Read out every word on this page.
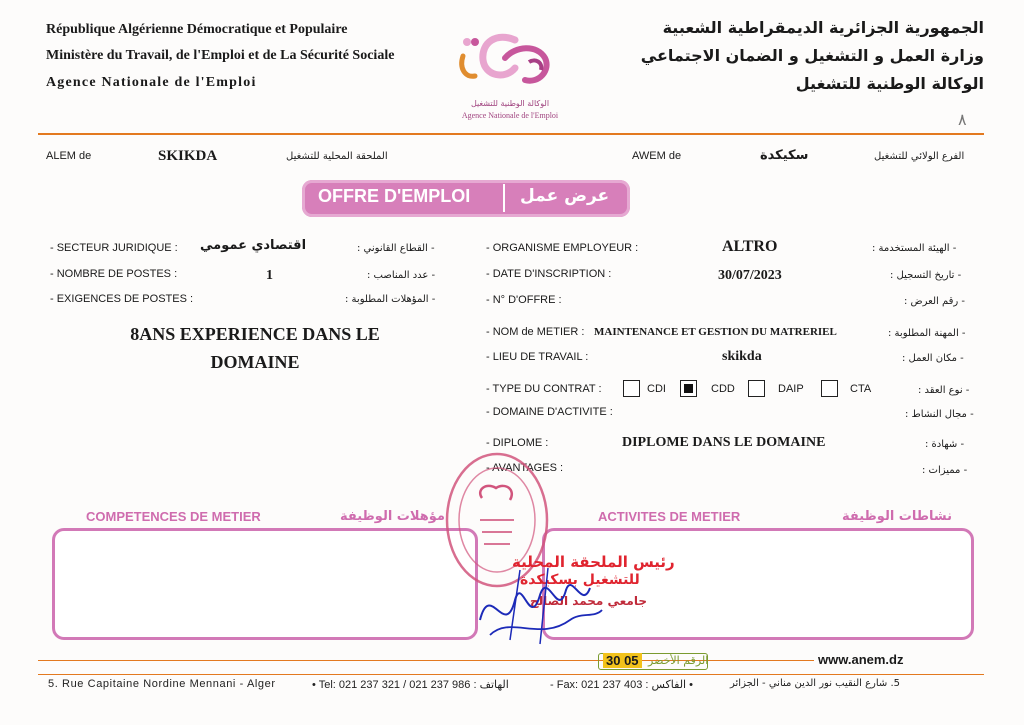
République Algérienne Démocratique et Populaire
Ministère du Travail, de l'Emploi et de La Sécurité Sociale
Agence Nationale de l'Emploi
الجمهورية الجزائرية الديمقراطية الشعبية
وزارة العمل و التشغيل و الضمان الاجتماعي
الوكالة الوطنية للتشغيل
الوكالة الوطنية للتشغيل
Agence Nationale de l'Emploi	٨
ALEM de	SKIKDA	الملحقة المحلية للتشغيل	AWEM de	سكيكدة	الفرع الولائي للتشغيل
OFFRE D'EMPLOI	عرض عمل
- SECTEUR JURIDIQUE : اقتصادي عمومي	- القطاع القانوني :
- NOMBRE DE POSTES :	1	- عدد المناصب :
- EXIGENCES DE POSTES :	- المؤهلات المطلوبة :
8ANS EXPERIENCE DANS LE
DOMAINE
- ORGANISME EMPLOYEUR :	ALTRO	- الهيئة المستخدمة :
- DATE D'INSCRIPTION :	30/07/2023	- تاريخ التسجيل :
- N° D'OFFRE :	- رقم العرض :
- NOM de METIER : MAINTENANCE ET GESTION DU MATRERIEL	- المهنة المطلوبة :
- LIEU DE TRAVAIL :	skikda	- مكان العمل :
- TYPE DU CONTRAT :	CDI	CDD	DAIP	CTA	- نوع العقد :
- DOMAINE D'ACTIVITE :	- مجال النشاط :
- DIPLOME :	DIPLOME DANS LE DOMAINE	- شهادة :
- AVANTAGES :	- مميزات :
COMPETENCES DE METIER	مؤهلات الوظيفة	ACTIVITES DE METIER	نشاطات الوظيفة
رئيس الملحقة المحلية
للتشغيل بسكيكدة
جامعي محمد الصالح
30 05 الرقم الأخضر	www.anem.dz
5. Rue Capitaine Nordine Mennani - Alger	• Tel: 021 237 321 / 021 237 986 : الهاتف	- Fax: 021 237 403 : الفاكس •	5. شارع النقيب نور الدين مناني - الجزائر
